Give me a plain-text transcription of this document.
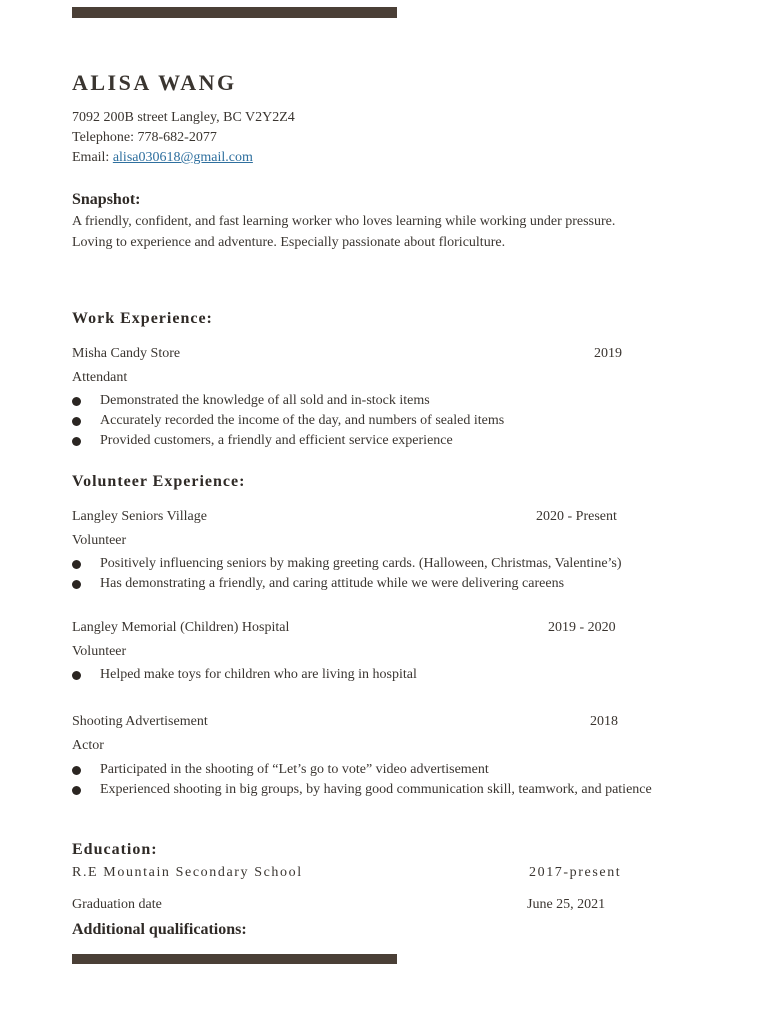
ALISA WANG
7092 200B street Langley, BC V2Y2Z4
Telephone: 778-682-2077
Email: alisa030618@gmail.com
Snapshot:
A friendly, confident, and fast learning worker who loves learning while working under pressure.
Loving to experience and adventure. Especially passionate about floriculture.
Work Experience:
Misha Candy Store	2019
Attendant
Demonstrated the knowledge of all sold and in-stock items
Accurately recorded the income of the day, and numbers of sealed items
Provided customers, a friendly and efficient service experience
Volunteer Experience:
Langley Seniors Village	2020 - Present
Volunteer
Positively influencing seniors by making greeting cards. (Halloween, Christmas, Valentine’s)
Has demonstrating a friendly, and caring attitude while we were delivering careens
Langley Memorial (Children) Hospital	2019 - 2020
Volunteer
Helped make toys for children who are living in hospital
Shooting Advertisement	2018
Actor
Participated in the shooting of “Let’s go to vote” video advertisement
Experienced shooting in big groups, by having good communication skill, teamwork, and patience
Education:
R.E Mountain Secondary School	2017-present
Graduation date	June 25, 2021
Additional qualifications:
